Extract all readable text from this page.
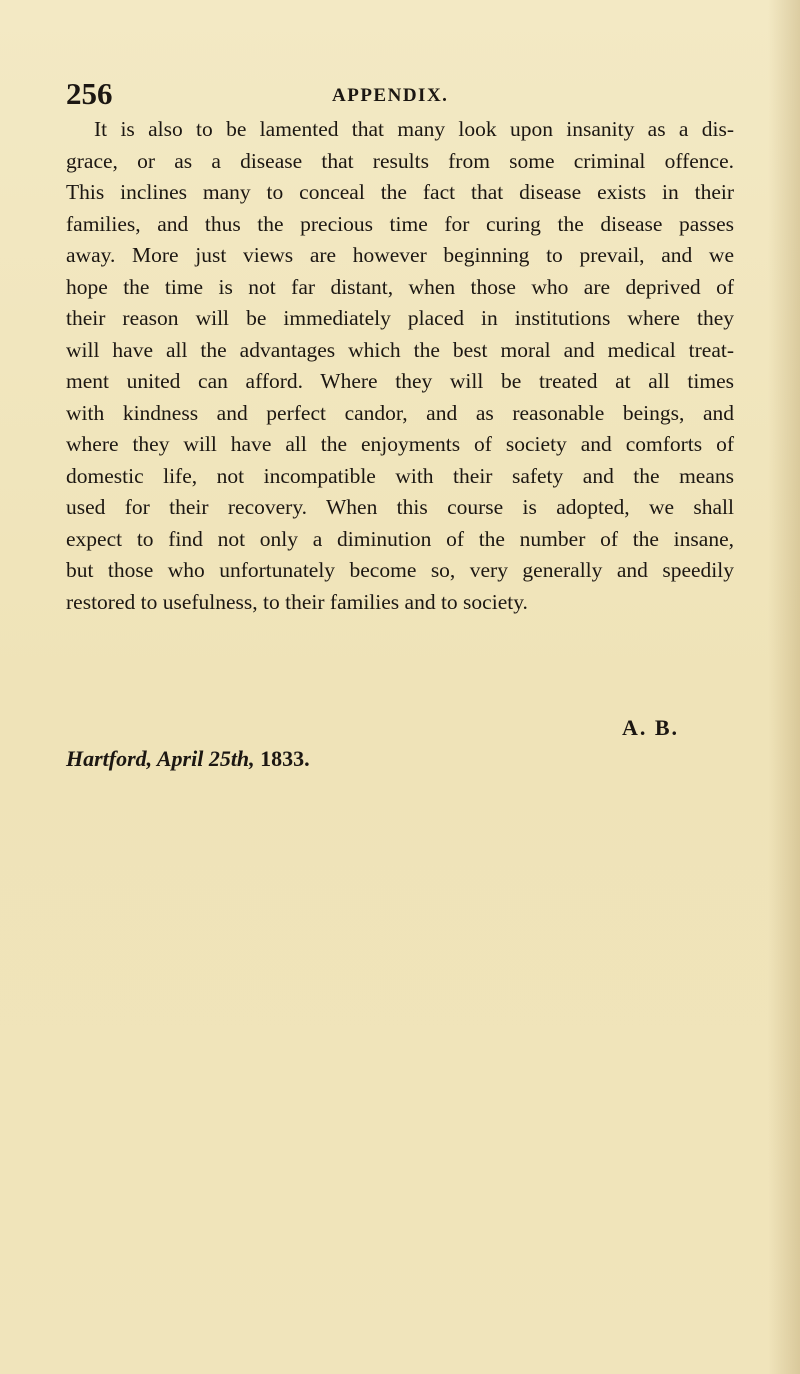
256	APPENDIX.
It is also to be lamented that many look upon insanity as a dis-
grace, or as a disease that results from some criminal offence.
This inclines many to conceal the fact that disease exists in their
families, and thus the precious time for curing the disease passes
away. More just views are however beginning to prevail, and we
hope the time is not far distant, when those who are deprived of
their reason will be immediately placed in institutions where they
will have all the advantages which the best moral and medical treat-
ment united can afford. Where they will be treated at all times
with kindness and perfect candor, and as reasonable beings, and
where they will have all the enjoyments of society and comforts of
domestic life, not incompatible with their safety and the means
used for their recovery. When this course is adopted, we shall
expect to find not only a diminution of the number of the insane,
but those who unfortunately become so, very generally and speedily
restored to usefulness, to their families and to society.
A. B.
Hartford, April 25th, 1833.
